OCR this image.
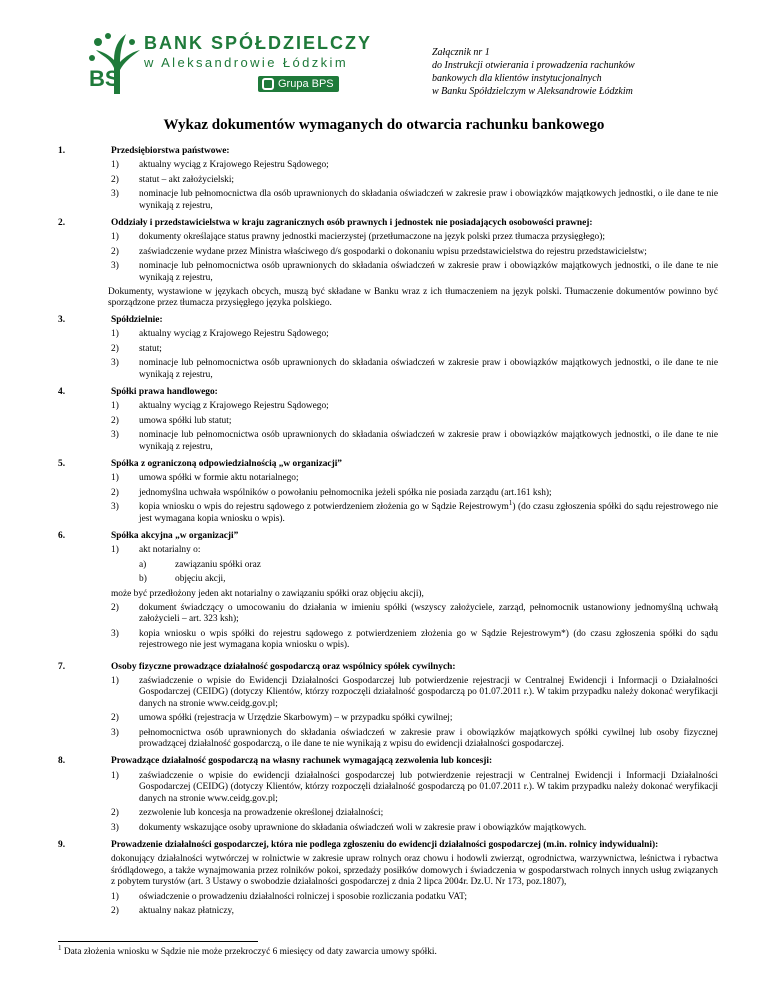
BS
BANK SPÓŁDZIELCZY
w Aleksandrowie Łódzkim
Grupa BPS
Załącznik nr 1
do Instrukcji otwierania i prowadzenia rachunków
bankowych dla klientów instytucjonalnych
w Banku Spółdzielczym w Aleksandrowie Łódzkim
Wykaz dokumentów wymaganych do otwarcia rachunku bankowego
1.	Przedsiębiorstwa państwowe:
1) aktualny wyciąg z Krajowego Rejestru Sądowego;
2) statut – akt założycielski;
3) nominacje lub pełnomocnictwa dla osób uprawnionych do składania oświadczeń w zakresie praw i obowiązków majątkowych jednostki, o ile dane te nie wynikają z rejestru,
2.	Oddziały i przedstawicielstwa w kraju zagranicznych osób prawnych i jednostek nie posiadających osobowości prawnej:
1) dokumenty określające status prawny jednostki macierzystej (przetłumaczone na język polski przez tłumacza przysięgłego);
2) zaświadczenie wydane przez Ministra właściwego d/s gospodarki o dokonaniu wpisu przedstawicielstwa do rejestru przedstawicielstw;
3) nominacje lub pełnomocnictwa osób uprawnionych do składania oświadczeń w zakresie praw i obowiązków majątkowych jednostki, o ile dane te nie wynikają z rejestru,
Dokumenty, wystawione w językach obcych, muszą być składane w Banku wraz z ich tłumaczeniem na język polski. Tłumaczenie dokumentów powinno być sporządzone przez tłumacza przysięgłego języka polskiego.
3.	Spółdzielnie:
1) aktualny wyciąg z Krajowego Rejestru Sądowego;
2) statut;
3) nominacje lub pełnomocnictwa osób uprawnionych do składania oświadczeń w zakresie praw i obowiązków majątkowych jednostki, o ile dane te nie wynikają z rejestru,
4.	Spółki prawa handlowego:
1) aktualny wyciąg z Krajowego Rejestru Sądowego;
2) umowa spółki lub statut;
3) nominacje lub pełnomocnictwa osób uprawnionych do składania oświadczeń w zakresie praw i obowiązków majątkowych jednostki, o ile dane te nie wynikają z rejestru,
5.	Spółka z ograniczoną odpowiedzialnością „w organizacji”
1) umowa spółki w formie aktu notarialnego;
2) jednomyślna uchwała wspólników o powołaniu pełnomocnika jeżeli spółka nie posiada zarządu (art.161 ksh);
3) kopia wniosku o wpis do rejestru sądowego z potwierdzeniem złożenia go w Sądzie Rejestrowym$^1$) (do czasu zgłoszenia spółki do sądu rejestrowego nie jest wymagana kopia wniosku o wpis).
6.	Spółka akcyjna „w organizacji”
1) akt notarialny o:
a)	zawiązaniu spółki oraz
b)	objęciu akcji,
może być przedłożony jeden akt notarialny o zawiązaniu spółki oraz objęciu akcji),
2) dokument świadczący o umocowaniu do działania w imieniu spółki (wszyscy założyciele, zarząd, pełnomocnik ustanowiony jednomyślną uchwałą założycieli – art. 323 ksh);
3) kopia wniosku o wpis spółki do rejestru sądowego z potwierdzeniem złożenia go w Sądzie Rejestrowym*) (do czasu zgłoszenia spółki do sądu rejestrowego nie jest wymagana kopia wniosku o wpis).
7.	Osoby fizyczne prowadzące działalność gospodarczą oraz wspólnicy spółek cywilnych:
1) zaświadczenie o wpisie do Ewidencji Działalności Gospodarczej lub potwierdzenie rejestracji w Centralnej Ewidencji i Informacji o Działalności Gospodarczej (CEIDG) (dotyczy Klientów, którzy rozpoczęli działalność gospodarczą po 01.07.2011 r.). W takim przypadku należy dokonać weryfikacji danych na stronie www.ceidg.gov.pl;
2) umowa spółki (rejestracja w Urzędzie Skarbowym) – w przypadku spółki cywilnej;
3) pełnomocnictwa osób uprawnionych do składania oświadczeń w zakresie praw i obowiązków majątkowych spółki cywilnej lub osoby fizycznej prowadzącej działalność gospodarczą, o ile dane te nie wynikają z wpisu do ewidencji działalności gospodarczej.
8.	Prowadzące działalność gospodarczą na własny rachunek wymagającą zezwolenia lub koncesji:
1) zaświadczenie o wpisie do ewidencji działalności gospodarczej lub potwierdzenie rejestracji w Centralnej Ewidencji i Informacji Działalności Gospodarczej (CEIDG) (dotyczy Klientów, którzy rozpoczęli działalność gospodarczą po 01.07.2011 r.). W takim przypadku należy dokonać weryfikacji danych na stronie www.ceidg.gov.pl;
2) zezwolenie lub koncesja na prowadzenie określonej działalności;
3) dokumenty wskazujące osoby uprawnione do składania oświadczeń woli w zakresie praw i obowiązków majątkowych.
9.	Prowadzenie działalności gospodarczej, która nie podlega zgłoszeniu do ewidencji działalności gospodarczej (m.in. rolnicy indywidualni):
dokonujący działalności wytwórczej w rolnictwie w zakresie upraw rolnych oraz chowu i hodowli zwierząt, ogrodnictwa, warzywnictwa, leśnictwa i rybactwa śródlądowego, a także wynajmowania przez rolników pokoi, sprzedaży posiłków domowych i świadczenia w gospodarstwach rolnych innych usług związanych z pobytem turystów (art. 3 Ustawy o swobodzie działalności gospodarczej z dnia 2 lipca 2004r. Dz.U. Nr 173, poz.1807),
1) oświadczenie o prowadzeniu działalności rolniczej i sposobie rozliczania podatku VAT;
2) aktualny nakaz płatniczy,
$^1$ Data złożenia wniosku w Sądzie nie może przekroczyć 6 miesięcy od daty zawarcia umowy spółki.
